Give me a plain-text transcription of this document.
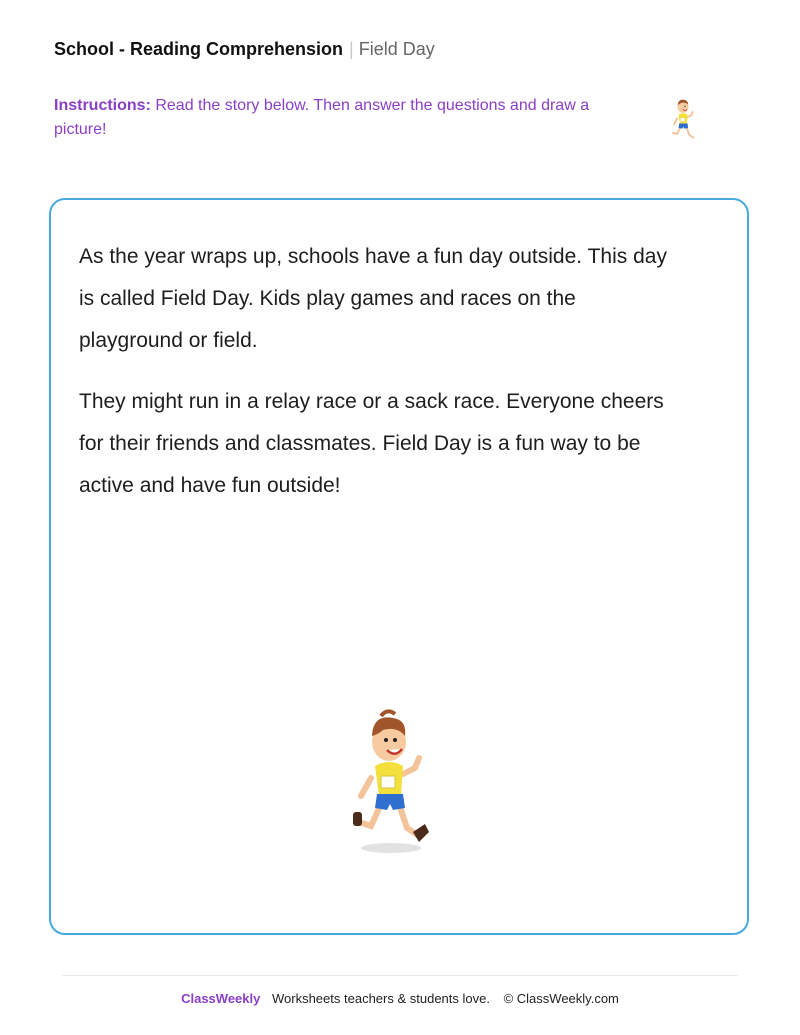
School - Reading Comprehension | Field Day
Instructions: Read the story below. Then answer the questions and draw a picture!

As the year wraps up, schools have a fun day outside. This day is called Field Day. Kids play games and races on the playground or field.

They might run in a relay race or a sack race. Everyone cheers for their friends and classmates. Field Day is a fun way to be active and have fun outside!

ClassWeekly Worksheets teachers & students love. © ClassWeekly.com
